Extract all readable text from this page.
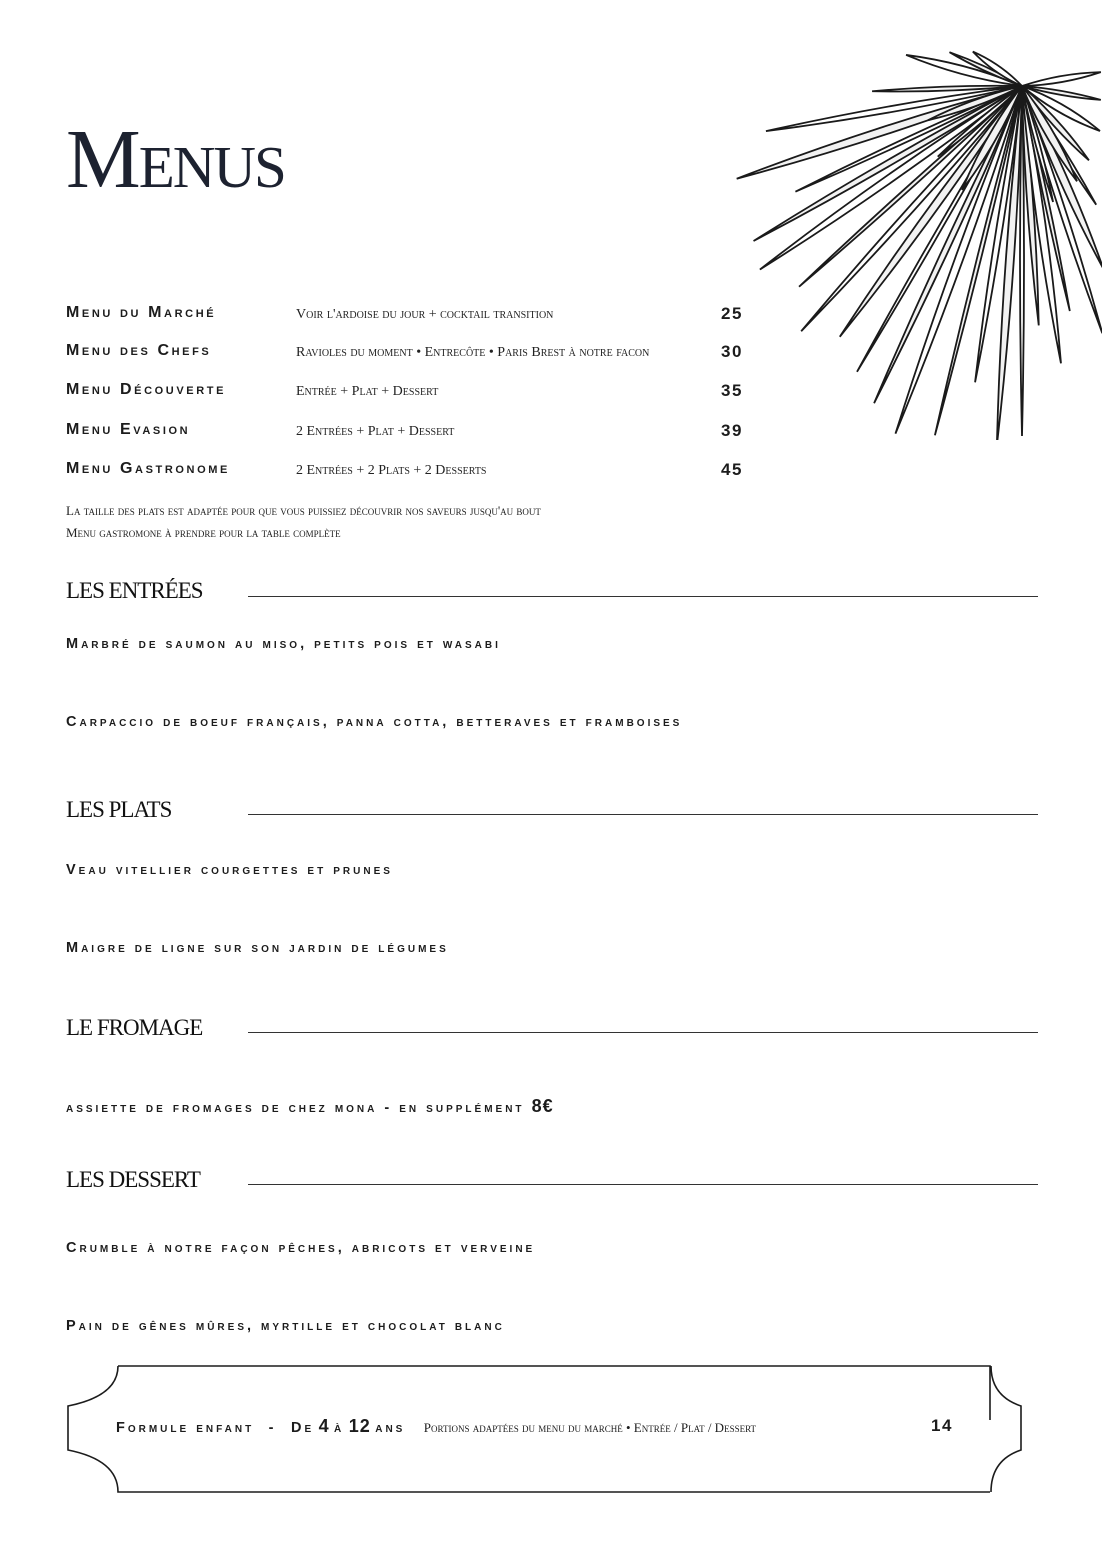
Menus
Menu du Marché	Voir l'ardoise du jour + cocktail transition	25
Menu des Chefs	Ravioles du moment • Entrecôte • Paris Brest à notre facon	30
Menu Découverte	Entrée + Plat + Dessert	35
Menu Evasion	2 Entrées + Plat + Dessert	39
Menu Gastronome	2 Entrées + 2 Plats + 2 Desserts	45
La taille des plats est adaptée pour que vous puissiez découvrir nos saveurs jusqu'au bout
Menu gastromone à prendre pour la table complète
LES ENTRÉES
Marbré de saumon au miso, petits pois et wasabi
Carpaccio de boeuf français, panna cotta, betteraves et framboises
LES PLATS
Veau vitellier courgettes et prunes
Maigre de ligne sur son jardin de légumes
LE FROMAGE
assiette de fromages de chez mona - en supplément 8€
LES DESSERT
Crumble à notre façon pêches, abricots et verveine
Pain de gênes mûres, myrtille et chocolat blanc
Formule enfant - De 4 à 12 ans Portions adaptées du menu du marché • Entrée / Plat / Dessert	14
